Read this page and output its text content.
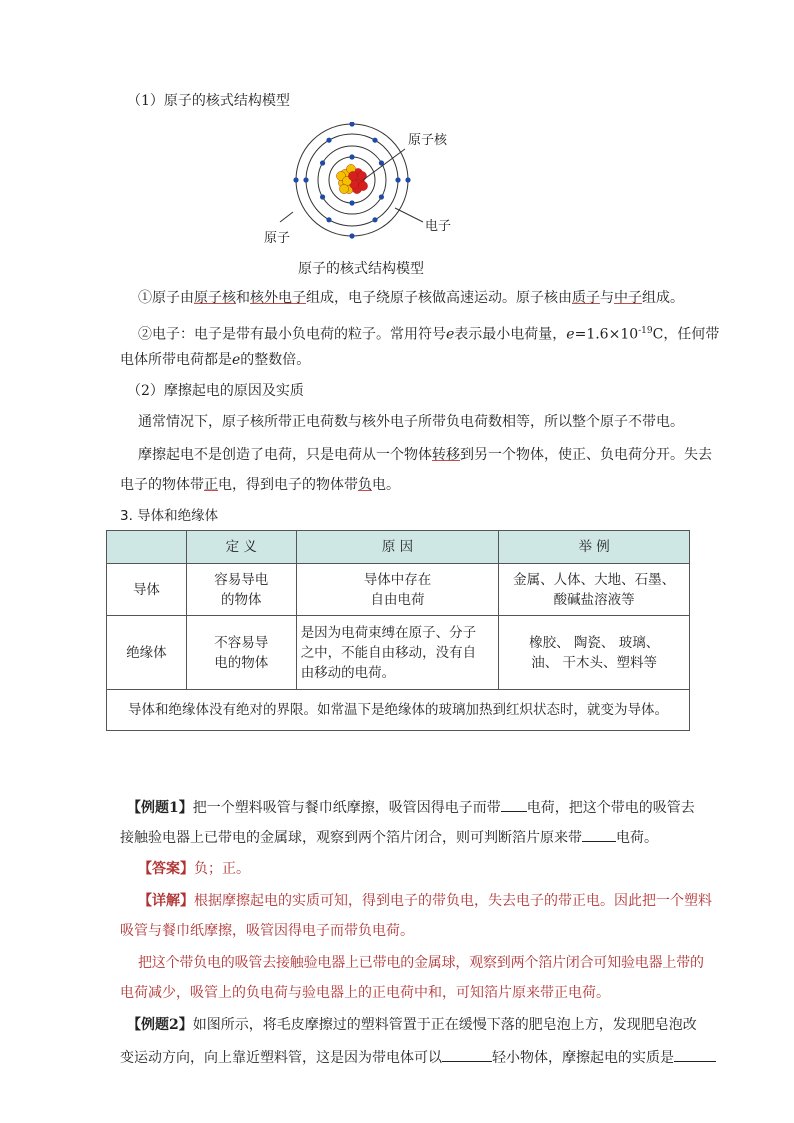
（1）原子的核式结构模型
原子核
电子
原子
原子的核式结构模型
①原子由原子核和核外电子组成，电子绕原子核做高速运动。原子核由质子与中子组成。
②电子：电子是带有最小负电荷的粒子。常用符号e表示最小电荷量，$e=1.6\times 10^{-19}C$，任何带
电体所带电荷都是e的整数倍。
（2）摩擦起电的原因及实质
通常情况下，原子核所带正电荷数与核外电子所带负电荷数相等，所以整个原子不带电。
摩擦起电不是创造了电荷，只是电荷从一个物体转移到另一个物体，使正、负电荷分开。失去
电子的物体带正电，得到电子的物体带负电。
3. 导体和绝缘体
	定 义	原 因	举 例
导体	容易导电
的物体	导体中存在
自由电荷	金属、人体、大地、石墨、
酸碱盐溶液等
绝缘体	不容易导
电的物体	是因为电荷束缚在原子、分子
之中，不能自由移动，没有自
由移动的电荷。	橡胶、 陶瓷、 玻璃、
油、 干木头、塑料等
导体和绝缘体没有绝对的界限。如常温下是绝缘体的玻璃加热到红炽状态时，就变为导体。			
【例题1】把一个塑料吸管与餐巾纸摩擦，吸管因得电子而带 电荷，把这个带电的吸管去
接触验电器上已带电的金属球，观察到两个箔片闭合，则可判断箔片原来带 电荷。
【答案】负；正。
【详解】根据摩擦起电的实质可知，得到电子的带负电，失去电子的带正电。因此把一个塑料
吸管与餐巾纸摩擦，吸管因得电子而带负电荷。
把这个带负电的吸管去接触验电器上已带电的金属球，观察到两个箔片闭合可知验电器上带的
电荷减少，吸管上的负电荷与验电器上的正电荷中和，可知箔片原来带正电荷。
【例题2】如图所示，将毛皮摩擦过的塑料管置于正在缓慢下落的肥皂泡上方，发现肥皂泡改
变运动方向，向上靠近塑料管，这是因为带电体可以	轻小物体，摩擦起电的实质是
